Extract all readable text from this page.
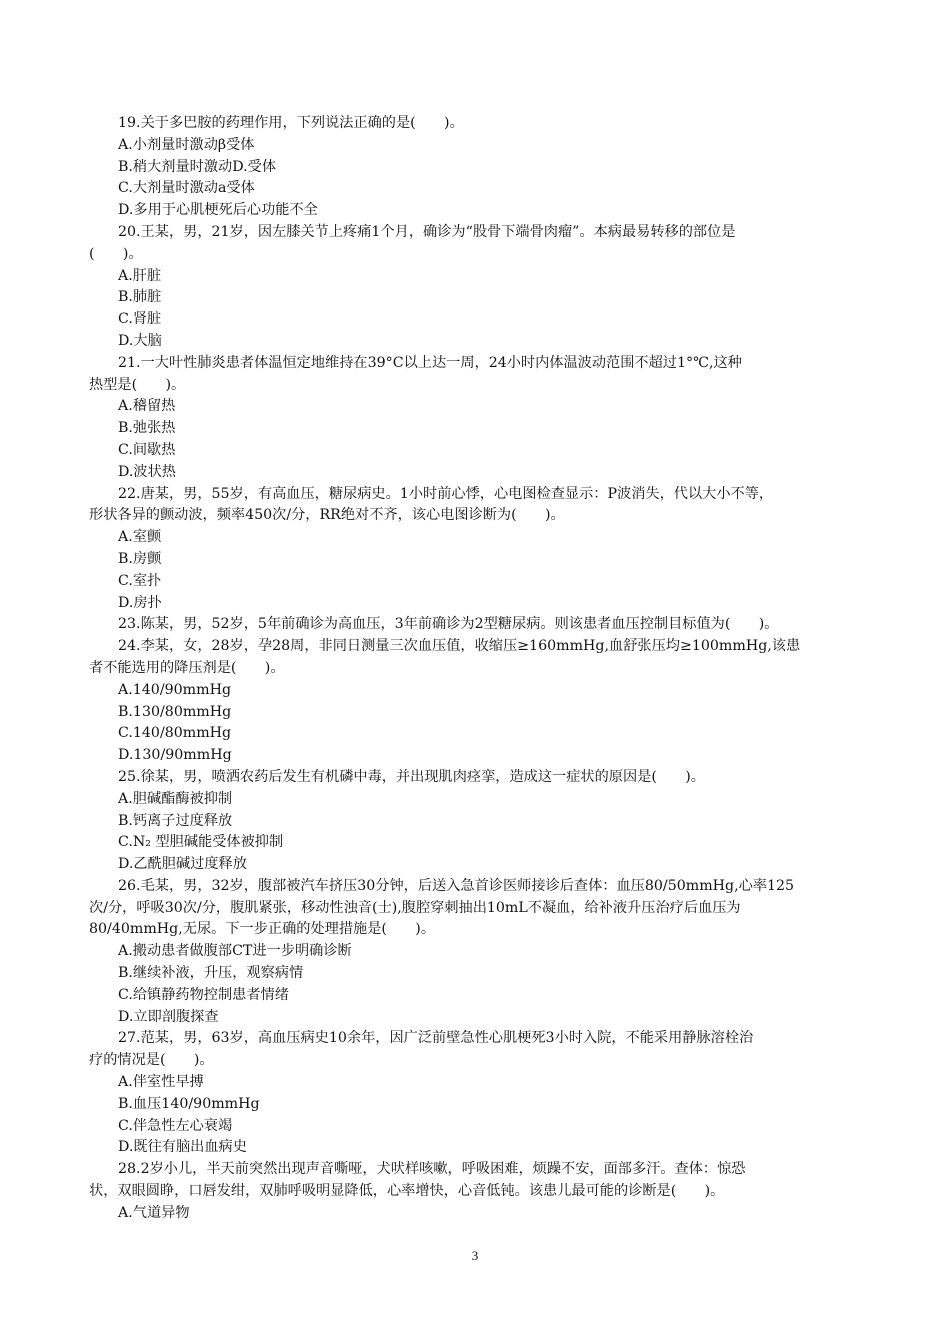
19.关于多巴胺的药理作用，下列说法正确的是(　　)。
A.小剂量时激动β受体
B.稍大剂量时激动D.受体
C.大剂量时激动a受体
D.多用于心肌梗死后心功能不全
20.王某，男，21岁，因左膝关节上疼痛1个月，确诊为“股骨下端骨肉瘤”。本病最易转移的部位是
(　　)。
A.肝脏
B.肺脏
C.肾脏
D.大脑
21.一大叶性肺炎患者体温恒定地维持在39°C以上达一周，24小时内体温波动范围不超过1°℃,这种
热型是(　　)。
A.稽留热
B.弛张热
C.间歇热
D.波状热
22.唐某，男，55岁，有高血压，糖尿病史。1小时前心悸，心电图检查显示：P波消失，代以大小不等，
形状各异的颤动波，频率450次/分，RR绝对不齐，该心电图诊断为(　　)。
A.室颤
B.房颤
C.室扑
D.房扑
23.陈某，男，52岁，5年前确诊为高血压，3年前确诊为2型糖尿病。则该患者血压控制目标值为(　　)。
24.李某，女，28岁，孕28周，非同日测量三次血压值，收缩压≥160mmHg,血舒张压均≥100mmHg,该患
者不能选用的降压剂是(　　)。
A.140/90mmHg
B.130/80mmHg
C.140/80mmHg
D.130/90mmHg
25.徐某，男，喷洒农药后发生有机磷中毒，并出现肌肉痉挛，造成这一症状的原因是(　　)。
A.胆碱酯酶被抑制
B.钙离子过度释放
C.N₂ 型胆碱能受体被抑制
D.乙酰胆碱过度释放
26.毛某，男，32岁，腹部被汽车挤压30分钟，后送入急首诊医师接诊后查体：血压80/50mmHg,心率125
次/分，呼吸30次/分，腹肌紧张，移动性浊音(士),腹腔穿刺抽出10mL不凝血，给补液升压治疗后血压为
80/40mmHg,无尿。下一步正确的处理措施是(　　)。
A.搬动患者做腹部CT进一步明确诊断
B.继续补液，升压，观察病情
C.给镇静药物控制患者情绪
D.立即剖腹探查
27.范某，男，63岁，高血压病史10余年，因广泛前壁急性心肌梗死3小时入院，不能采用静脉溶栓治
疗的情况是(　　)。
A.伴室性早搏
B.血压140/90mmHg
C.伴急性左心衰竭
D.既往有脑出血病史
28.2岁小儿，半天前突然出现声音嘶哑，犬吠样咳嗽，呼吸困难，烦躁不安，面部多汗。查体：惊恐
状，双眼圆睁，口唇发绀，双肺呼吸明显降低，心率增快，心音低钝。该患儿最可能的诊断是(　　)。
A.气道异物
3
